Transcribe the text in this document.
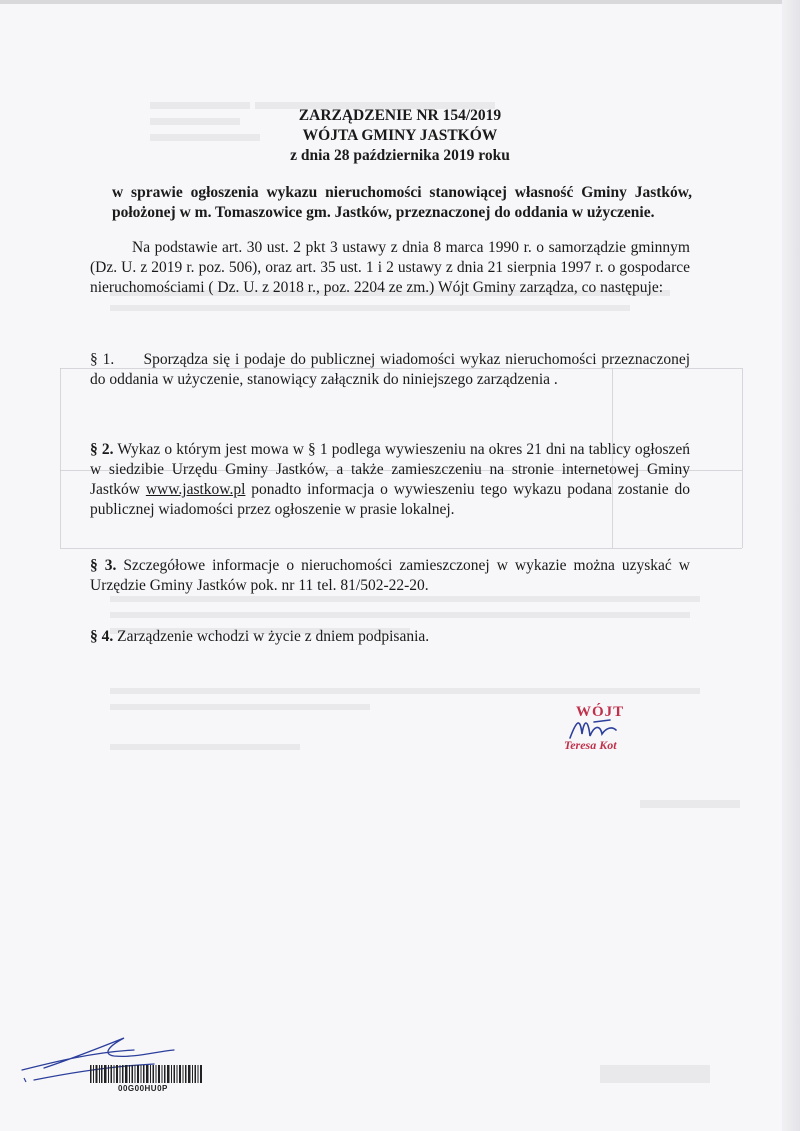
ZARZĄDZENIE NR 154/2019
WÓJTA GMINY JASTKÓW
z dnia 28 października 2019 roku
w sprawie ogłoszenia wykazu nieruchomości stanowiącej własność Gminy Jastków, położonej w m. Tomaszowice gm. Jastków, przeznaczonej do oddania w użyczenie.
Na podstawie art. 30 ust. 2 pkt 3 ustawy z dnia 8 marca 1990 r. o samorządzie gminnym (Dz. U. z 2019 r. poz. 506), oraz art. 35 ust. 1 i 2 ustawy z dnia 21 sierpnia 1997 r. o gospodarce nieruchomościami ( Dz. U. z 2018 r., poz. 2204 ze zm.) Wójt Gminy zarządza, co następuje:
§ 1. Sporządza się i podaje do publicznej wiadomości wykaz nieruchomości przeznaczonej do oddania w użyczenie, stanowiący załącznik do niniejszego zarządzenia .
§ 2. Wykaz o którym jest mowa w § 1 podlega wywieszeniu na okres 21 dni na tablicy ogłoszeń w siedzibie Urzędu Gminy Jastków, a także zamieszczeniu na stronie internetowej Gminy Jastków www.jastkow.pl ponadto informacja o wywieszeniu tego wykazu podana zostanie do publicznej wiadomości przez ogłoszenie w prasie lokalnej.
§ 3. Szczegółowe informacje o nieruchomości zamieszczonej w wykazie można uzyskać w Urzędzie Gminy Jastków pok. nr 11 tel. 81/502-22-20.
§ 4. Zarządzenie wchodzi w życie z dniem podpisania.
WÓJT
Teresa Kot
00G00HU0P
